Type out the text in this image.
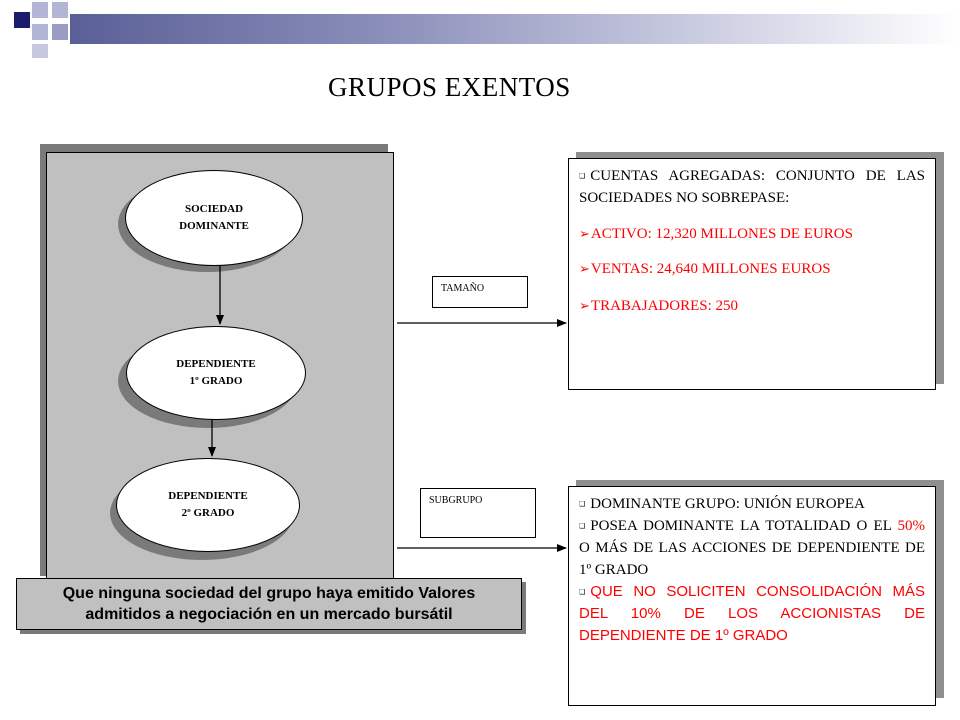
GRUPOS EXENTOS
SOCIEDAD
DOMINANTE
DEPENDIENTE
1º GRADO
DEPENDIENTE
2º GRADO
TAMAÑO
SUBGRUPO
❑ CUENTAS AGREGADAS: CONJUNTO DE LAS SOCIEDADES NO SOBREPASE:
➢ACTIVO: 12,320 MILLONES DE EUROS
➢VENTAS: 24,640 MILLONES EUROS
➢TRABAJADORES: 250
❑ DOMINANTE GRUPO: UNIÓN EUROPEA
❑ POSEA DOMINANTE LA TOTALIDAD O EL 50% O MÁS DE LAS ACCIONES DE DEPENDIENTE DE 1º GRADO
❑ QUE NO SOLICITEN CONSOLIDACIÓN MÁS DEL 10% DE LOS ACCIONISTAS DE DEPENDIENTE DE 1º GRADO
Que ninguna sociedad del grupo haya emitido Valores
admitidos a negociación en un mercado bursátil
